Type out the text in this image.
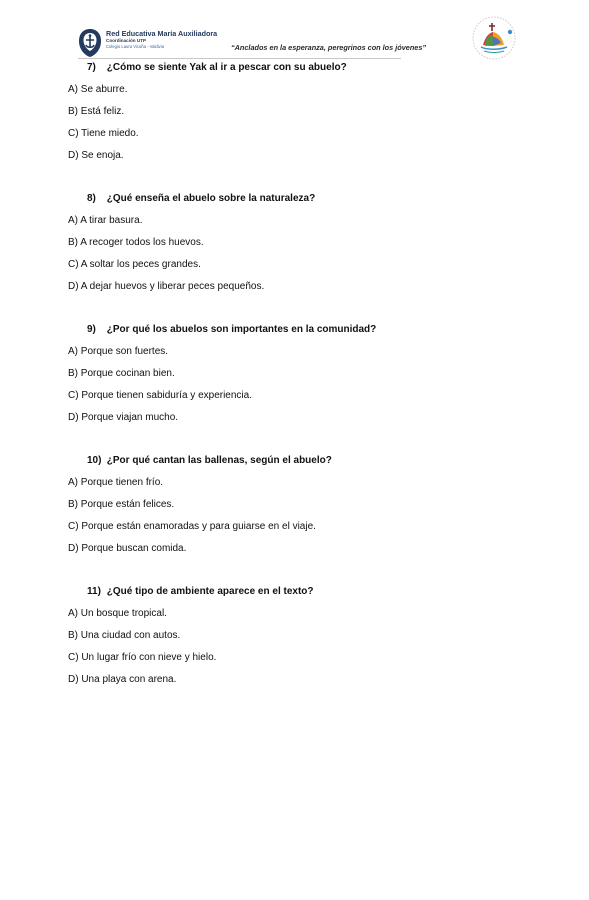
Red Educativa María Auxiliadora
Coordinación UTP
Colegio Laura Vicuña - Valdivia	“Anclados en la esperanza, peregrinos con los jóvenes”
7) ¿Cómo se siente Yak al ir a pescar con su abuelo?
A) Se aburre.
B) Está feliz.
C) Tiene miedo.
D) Se enoja.
8) ¿Qué enseña el abuelo sobre la naturaleza?
A) A tirar basura.
B) A recoger todos los huevos.
C) A soltar los peces grandes.
D) A dejar huevos y liberar peces pequeños.
9) ¿Por qué los abuelos son importantes en la comunidad?
A) Porque son fuertes.
B) Porque cocinan bien.
C) Porque tienen sabiduría y experiencia.
D) Porque viajan mucho.
10) ¿Por qué cantan las ballenas, según el abuelo?
A) Porque tienen frío.
B) Porque están felices.
C) Porque están enamoradas y para guiarse en el viaje.
D) Porque buscan comida.
11) ¿Qué tipo de ambiente aparece en el texto?
A) Un bosque tropical.
B) Una ciudad con autos.
C) Un lugar frío con nieve y hielo.
D) Una playa con arena.
